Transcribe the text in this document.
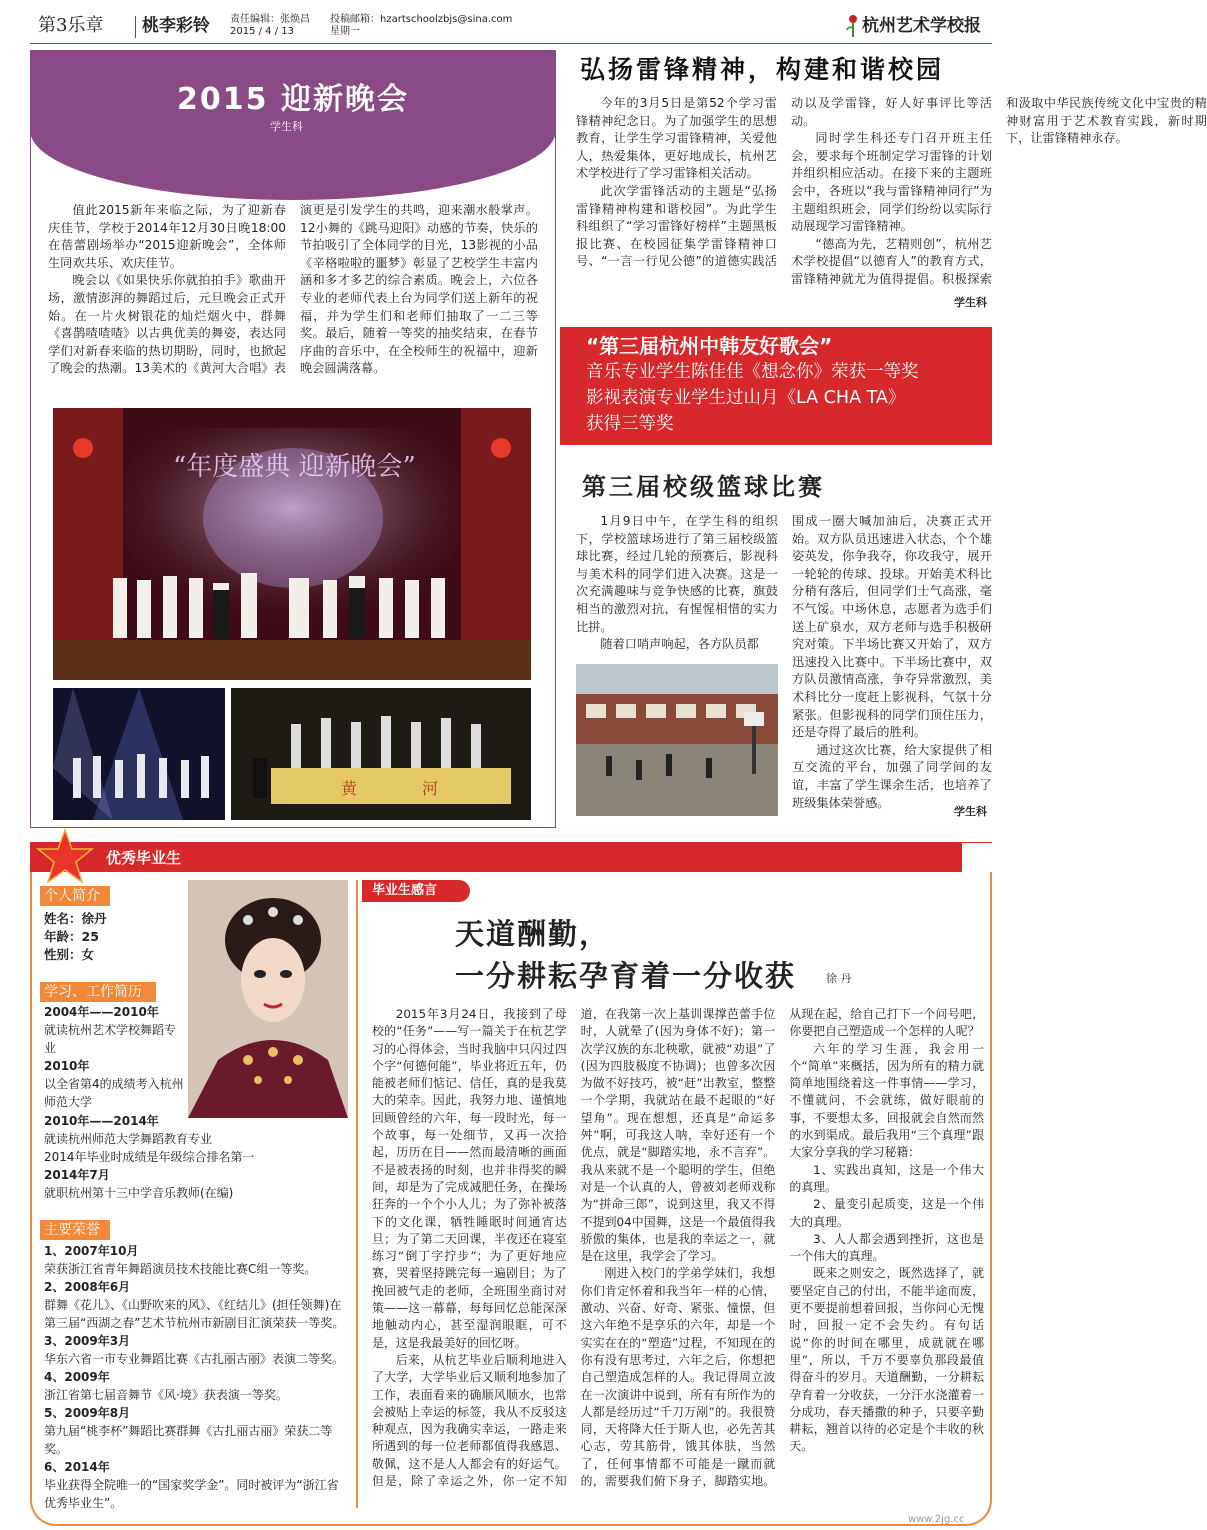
第3乐章 桃李彩铃 责任编辑：张焕昌
2015 / 4 / 13
投稿邮箱：hzartschoolzbjs@sina.com
星期一	杭州艺术学校报
2015 迎新晚会
学生科

值此2015新年来临之际，为了迎新春庆佳节，学校于2014年12月30日晚18:00在蓓蕾剧场举办“2015迎新晚会”，全体师生同欢共乐、欢庆佳节。

晚会以《如果快乐你就拍拍手》歌曲开场，激情澎湃的舞蹈过后，元旦晚会正式开始。在一片火树银花的灿烂烟火中，群舞《喜鹊喳喳喳》以古典优美的舞姿，表达同学们对新春来临的热切期盼，同时，也掀起了晚会的热潮。13美术的《黄河大合唱》表演更是引发学生的共鸣，迎来潮水般掌声。12小舞的《跳马迎阳》动感的节奏，快乐的节拍吸引了全体同学的目光，13影视的小品《辛格啦啦的噩梦》彰显了艺校学生丰富内涵和多才多艺的综合素质。晚会上，六位各专业的老师代表上台为同学们送上新年的祝福，并为学生们和老师们抽取了一二三等奖。最后，随着一等奖的抽奖结束，在春节序曲的音乐中，在全校师生的祝福中，迎新晚会圆满落幕。

“年度盛典 迎新晚会”
黄 河
弘扬雷锋精神，构建和谐校园

今年的3月5日是第52个学习雷锋精神纪念日。为了加强学生的思想教育，让学生学习雷锋精神，关爱他人，热爱集体，更好地成长，杭州艺术学校进行了学习雷锋相关活动。

此次学雷锋活动的主题是“弘扬雷锋精神构建和谐校园”。为此学生科组织了“学习雷锋好榜样”主题黑板报比赛、在校园征集学雷锋精神口号、“一言一行见公德”的道德实践活动以及学雷锋，好人好事评比等活动。

同时学生科还专门召开班主任会，要求每个班制定学习雷锋的计划并组织相应活动。在接下来的主题班会中，各班以“我与雷锋精神同行”为主题组织班会，同学们纷纷以实际行动展现学习雷锋精神。

“德高为先，艺精则创”，杭州艺术学校提倡“以德育人”的教育方式，雷锋精神就尤为值得提倡。积极探索和汲取中华民族传统文化中宝贵的精神财富用于艺术教育实践，新时期下，让雷锋精神永存。

学生科
“第三届杭州中韩友好歌会”
音乐专业学生陈佳佳《想念你》荣获一等奖
影视表演专业学生过山月《LA CHA TA》
获得三等奖
第三届校级篮球比赛

1月9日中午，在学生科的组织下，学校篮球场进行了第三届校级篮球比赛，经过几轮的预赛后，影视科与美术科的同学们进入决赛。这是一次充满趣味与竞争快感的比赛，旗鼓相当的激烈对抗，有惺惺相惜的实力比拼。

随着口哨声响起，各方队员都

围成一圈大喊加油后，决赛正式开始。双方队员迅速进入状态，个个雄姿英发，你争我夺，你攻我守，展开一轮轮的传球、投球。开始美术科比分稍有落后，但同学们士气高涨，毫不气馁。中场休息，志愿者为选手们送上矿泉水，双方老师与选手积极研究对策。下半场比赛又开始了，双方迅速投入比赛中。下半场比赛中，双方队员激情高涨，争夺异常激烈，美术科比分一度赶上影视科，气氛十分紧张。但影视科的同学们顶住压力，还是夺得了最后的胜利。

通过这次比赛，给大家提供了相互交流的平台，加强了同学间的友谊，丰富了学生课余生活，也培养了班级集体荣誉感。

学生科
优秀毕业生
个人简介
姓名：徐丹
年龄：25
性别：女
学习、工作简历
2004年——2010年
就读杭州艺术学校舞蹈专业
2010年
以全省第4的成绩考入杭州师范大学
2010年——2014年
就读杭州师范大学舞蹈教育专业
2014年毕业时成绩是年级综合排名第一
2014年7月
就职杭州第十三中学音乐教师(在编)
主要荣誉
1、2007年10月
荣获浙江省青年舞蹈演员技术技能比赛C组一等奖。
2、2008年6月
群舞《花儿》、《山野吹来的风》、《红结儿》(担任领舞)在第三届“西湖之春”艺术节杭州市新剧目汇演荣获一等奖。
3、2009年3月
华东六省一市专业舞蹈比赛《古扎丽古丽》表演二等奖。
4、2009年
浙江省第七届音舞节《风·境》获表演一等奖。
5、2009年8月
第九届“桃李杯”舞蹈比赛群舞《古扎丽古丽》荣获二等奖。
6、2014年
毕业获得全院唯一的“国家奖学金”。同时被评为“浙江省优秀毕业生”。
毕业生感言
天道酬勤，
一分耕耘孕育着一分收获	徐 丹

2015年3月24日，我接到了母校的“任务”——写一篇关于在杭艺学习的心得体会，当时我脑中只闪过四个字“何德何能”，毕业将近五年，仍能被老师们惦记、信任，真的是我莫大的荣幸。因此，我努力地、谨慎地回顾曾经的六年，每一段时光，每一个故事，每一处细节，又再一次拾起，历历在目——然而最清晰的画面不是被表扬的时刻，也并非得奖的瞬间，却是为了完成减肥任务，在操场狂奔的一个个小人儿；为了弥补被落下的文化课，牺牲睡眠时间通宵达旦；为了第二天回课，半夜还在寝室练习“倒丁字拧步”；为了更好地应赛，哭着坚持跳完每一遍剧目；为了挽回被气走的老师，全班围坐商讨对策——这一幕幕，每每回忆总能深深地触动内心，甚至湿润眼眶，可不是，这是我最美好的回忆呀。

后来，从杭艺毕业后顺利地进入了大学，大学毕业后又顺利地参加了工作，表面看来的确顺风顺水，也常会被贴上幸运的标签，我从不反驳这种观点，因为我确实幸运，一路走来所遇到的每一位老师都值得我感恩、敬佩，这不是人人都会有的好运气。但是，除了幸运之外，你一定不知道，在我第一次上基训课撑芭蕾手位时，人就晕了(因为身体不好)；第一次学汉族的东北秧歌，就被“劝退”了(因为四肢极度不协调)；也曾多次因为做不好技巧，被“赶”出教室，整整一个学期，我就站在最不起眼的“好望角”。现在想想，还真是“命运多舛”啊，可我这人呐，幸好还有一个优点，就是“脚踏实地，永不言弃”。我从来就不是一个聪明的学生，但绝对是一个认真的人，曾被刘老师戏称为“拼命三郎”，说到这里，我又不得不提到04中国舞，这是一个最值得我骄傲的集体，也是我的幸运之一，就是在这里，我学会了学习。

刚进入校门的学弟学妹们，我想你们肯定怀着和我当年一样的心情，激动、兴奋、好奇、紧张、憧憬，但这六年绝不是享乐的六年，却是一个实实在在的“塑造”过程，不知现在的你有没有思考过，六年之后，你想把自己塑造成怎样的人。我记得周立波在一次演讲中说到，所有有所作为的人都是经历过“千刀万剐”的。我很赞同，天将降大任于斯人也，必先苦其心志，劳其筋骨，饿其体肤，当然了，任何事情都不可能是一蹴而就的，需要我们俯下身子，脚踏实地。从现在起，给自己打下一个问号吧，你要把自己塑造成一个怎样的人呢？

六年的学习生涯，我会用一个“简单”来概括，因为所有的精力就简单地围绕着这一件事情——学习，不懂就问，不会就练，做好眼前的事，不要想太多，回报就会自然而然的水到渠成。最后我用“三个真理”跟大家分享我的学习秘籍：

1、实践出真知，这是一个伟大的真理。

2、量变引起质变，这是一个伟大的真理。

3、人人都会遇到挫折，这也是一个伟大的真理。

既来之则安之，既然选择了，就要坚定自己的付出，不能半途而废，更不要提前想着回报，当你问心无愧时，回报一定不会失约。有句话说“你的时间在哪里，成就就在哪里”，所以，千万不要辜负那段最值得奋斗的岁月。天道酬勤，一分耕耘孕育着一分收获，一分汗水浇灌着一分成功，春天播撒的种子，只要辛勤耕耘，翘首以待的必定是个丰收的秋天。

www.2jg.cc
